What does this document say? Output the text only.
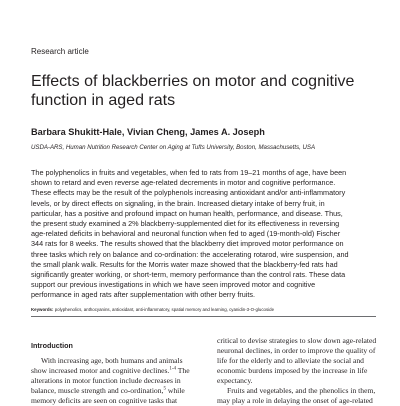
Research article
Effects of blackberries on motor and cognitive
function in aged rats
Barbara Shukitt-Hale, Vivian Cheng, James A. Joseph
USDA-ARS, Human Nutrition Research Center on Aging at Tufts University, Boston, Massachusetts, USA
The polyphenolics in fruits and vegetables, when fed to rats from 19–21 months of age, have been
shown to retard and even reverse age-related decrements in motor and cognitive performance.
These effects may be the result of the polyphenols increasing antioxidant and/or anti-inflammatory
levels, or by direct effects on signaling, in the brain. Increased dietary intake of berry fruit, in
particular, has a positive and profound impact on human health, performance, and disease. Thus,
the present study examined a 2% blackberry-supplemented diet for its effectiveness in reversing
age-related deficits in behavioral and neuronal function when fed to aged (19-month-old) Fischer
344 rats for 8 weeks. The results showed that the blackberry diet improved motor performance on
three tasks which rely on balance and co-ordination: the accelerating rotarod, wire suspension, and
the small plank walk. Results for the Morris water maze showed that the blackberry-fed rats had
significantly greater working, or short-term, memory performance than the control rats. These data
support our previous investigations in which we have seen improved motor and cognitive
performance in aged rats after supplementation with other berry fruits.
Keywords: polyphenolics, anthocyanins, antioxidant, anti-inflammatory, spatial memory and learning, cyanidin-3-O-glucoside
Introduction
With increasing age, both humans and animals
show increased motor and cognitive declines.$^{1-4}$ The
alterations in motor function include decreases in
balance, muscle strength and co-ordination,$^5$ while
memory deficits are seen on cognitive tasks that
critical to devise strategies to slow down age-related
neuronal declines, in order to improve the quality of
life for the elderly and to alleviate the social and
economic burdens imposed by the increase in life
expectancy.
Fruits and vegetables, and the phenolics in them,
may play a role in delaying the onset of age-related
